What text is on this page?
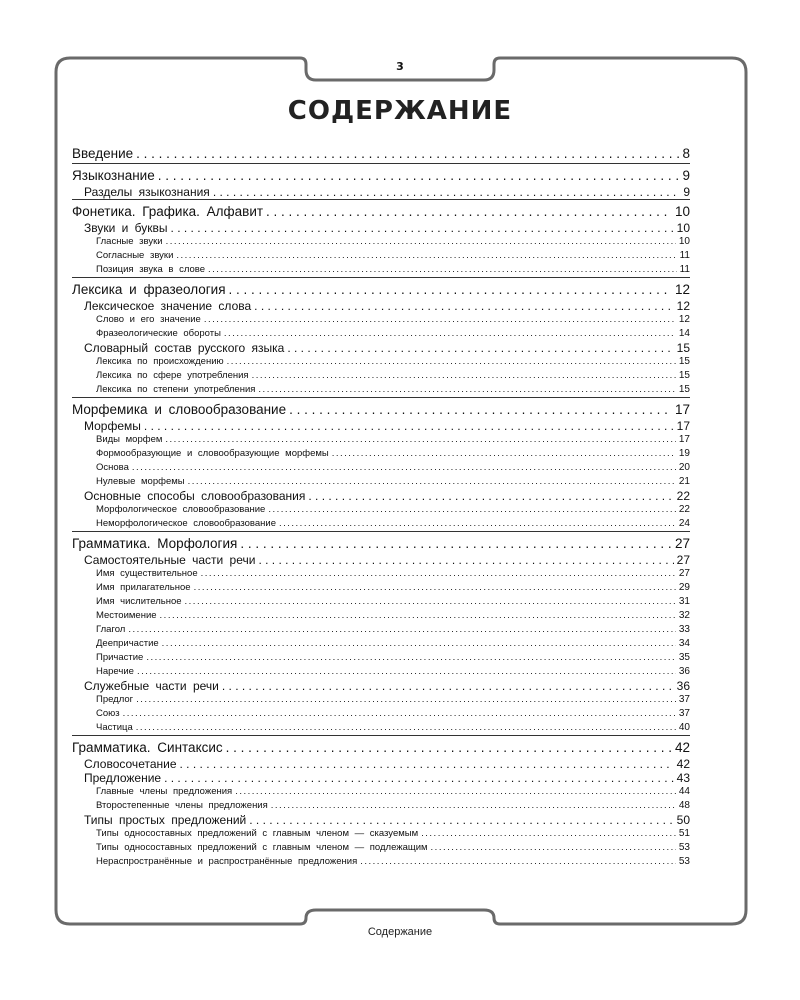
3
СОДЕРЖАНИЕ
Введение . . .	8
Языкознание . . .	9
Разделы языкознания . . .	9
Фонетика. Графика. Алфавит . . .	10
Звуки и буквы . . .	10
Гласные звуки .....	10
Согласные звуки .....	11
Позиция звука в слове .....	11
Лексика и фразеология . . .	12
Лексическое значение слова . . .	12
Слово и его значение .....	12
Фразеологические обороты .....	14
Словарный состав русского языка . . .	15
Лексика по происхождению .....	15
Лексика по сфере употребления .....	15
Лексика по степени употребления .....	15
Морфемика и словообразование . . .	17
Морфемы . . .	17
Виды морфем .....	17
Формообразующие и словообразующие морфемы .....	19
Основа .....	20
Нулевые морфемы .....	21
Основные способы словообразования . . .	22
Морфологическое словообразование .....	22
Неморфологическое словообразование .....	24
Грамматика. Морфология . . .	27
Самостоятельные части речи . . .	27
Имя существительное .....	27
Имя прилагательное .....	29
Имя числительное .....	31
Местоимение .....	32
Глагол .....	33
Деепричастие .....	34
Причастие .....	35
Наречие .....	36
Служебные части речи . . .	36
Предлог .....	37
Союз .....	37
Частица .....	40
Грамматика. Синтаксис . . .	42
Словосочетание . . .	42
Предложение . . .	43
Главные члены предложения .....	44
Второстепенные члены предложения .....	48
Типы простых предложений . . .	50
Типы односоставных предложений с главным членом — сказуемым .....	51
Типы односоставных предложений с главным членом — подлежащим .....	53
Нераспространённые и распространённые предложения .....	53
Содержание
